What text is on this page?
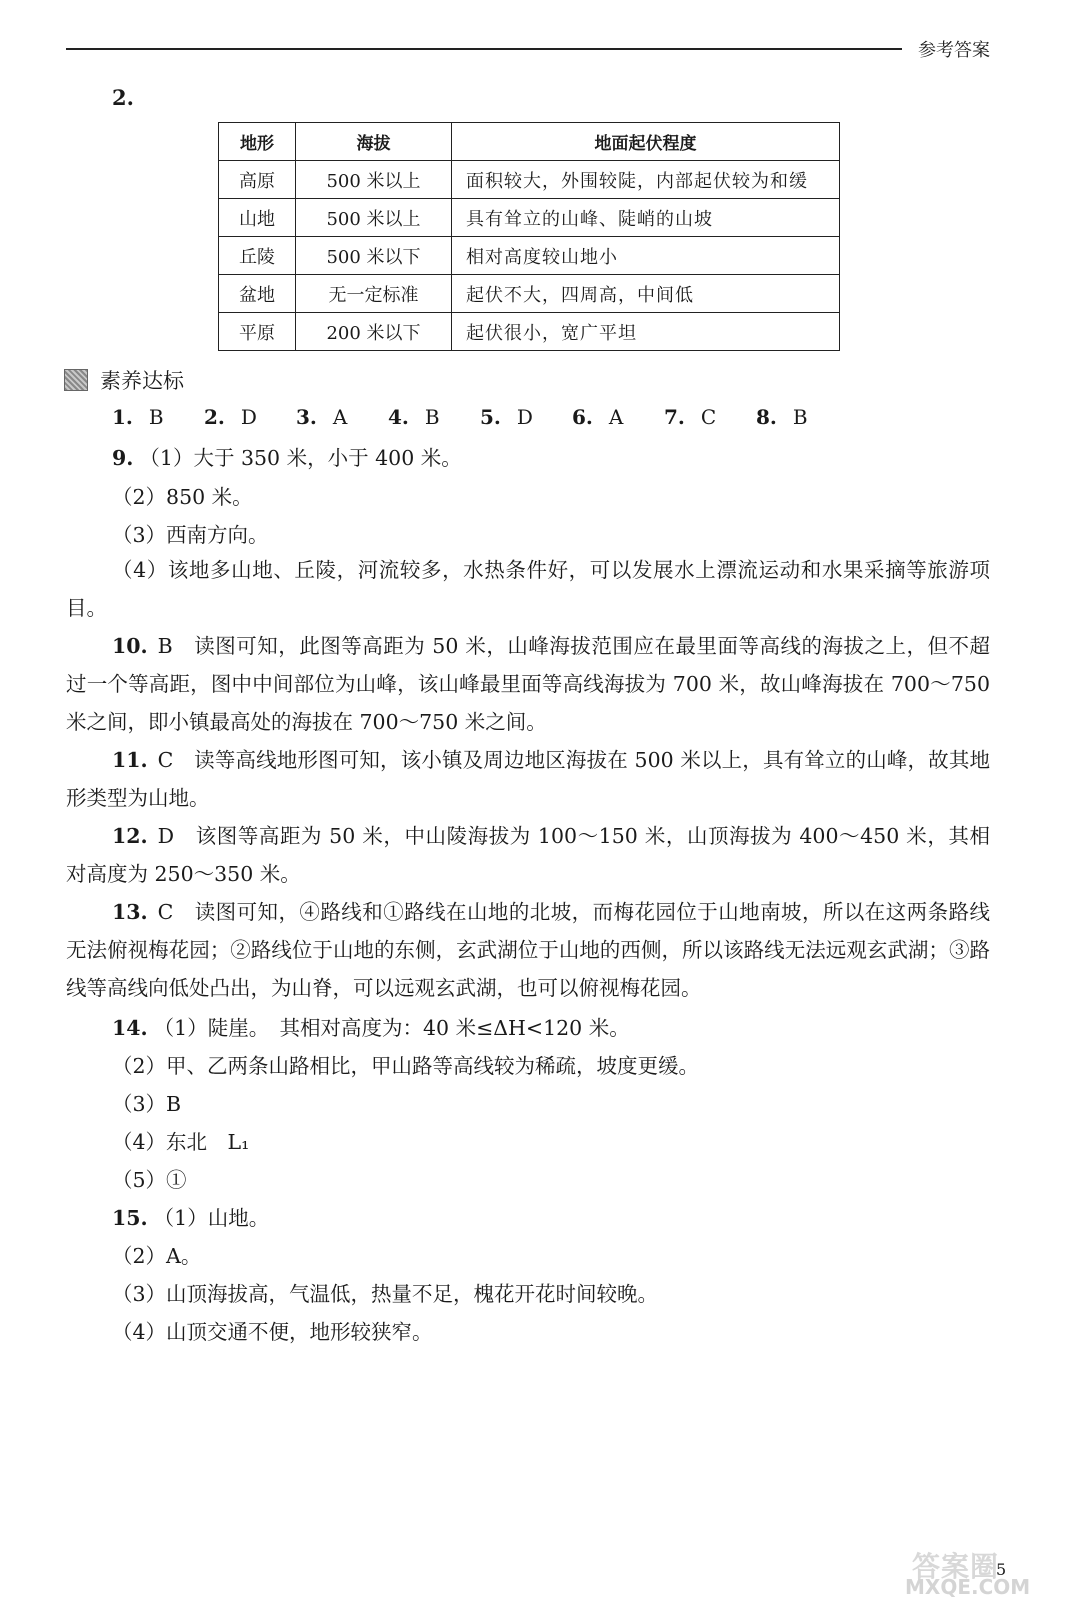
参考答案
2.
地形	海拔	地面起伏程度
高原	500 米以上	面积较大，外围较陡，内部起伏较为和缓
山地	500 米以上	具有耸立的山峰、陡峭的山坡
丘陵	500 米以下	相对高度较山地小
盆地	无一定标准	起伏不大，四周高，中间低
平原	200 米以下	起伏很小，宽广平坦
素养达标
1. B	2. D	3. A	4. B	5. D	6. A	7. C	8. B
9. （1）大于 350 米，小于 400 米。
（2）850 米。
（3）西南方向。
（4）该地多山地、丘陵，河流较多，水热条件好，可以发展水上漂流运动和水果采摘等旅游项目。
10. B　读图可知，此图等高距为 50 米，山峰海拔范围应在最里面等高线的海拔之上，但不超过一个等高距，图中中间部位为山峰，该山峰最里面等高线海拔为 700 米，故山峰海拔在 700～750 米之间，即小镇最高处的海拔在 700～750 米之间。
11. C　读等高线地形图可知，该小镇及周边地区海拔在 500 米以上，具有耸立的山峰，故其地形类型为山地。
12. D　该图等高距为 50 米，中山陵海拔为 100～150 米，山顶海拔为 400～450 米，其相对高度为 250～350 米。
13. C　读图可知，④路线和①路线在山地的北坡，而梅花园位于山地南坡，所以在这两条路线无法俯视梅花园；②路线位于山地的东侧，玄武湖位于山地的西侧，所以该路线无法远观玄武湖；③路线等高线向低处凸出，为山脊，可以远观玄武湖，也可以俯视梅花园。
14. （1）陡崖。　其相对高度为：40 米≤ΔH<120 米。
（2）甲、乙两条山路相比，甲山路等高线较为稀疏，坡度更缓。
（3）B
（4）东北　L₁
（5）①
15. （1）山地。
（2）A。
（3）山顶海拔高，气温低，热量不足，槐花开花时间较晚。
（4）山顶交通不便，地形较狭窄。
答案圈
MXQE.COM
5
